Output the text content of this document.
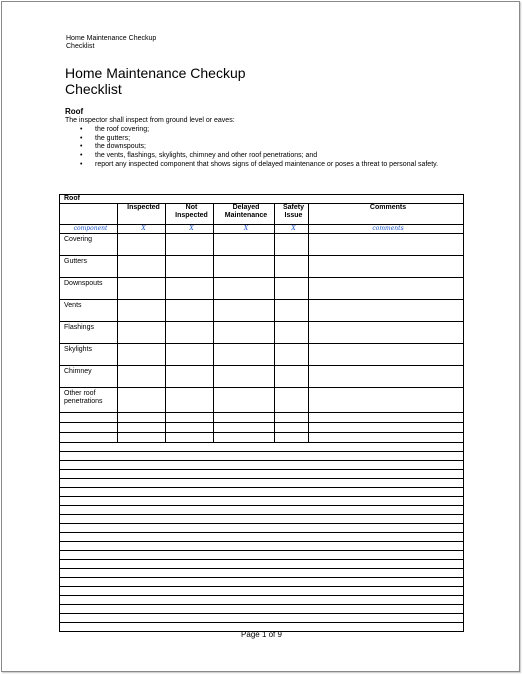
Home Maintenance Checkup
Checklist
Home Maintenance Checkup
Checklist
Roof
The inspector shall inspect from ground level or eaves:
• the roof covering;
• the gutters;
• the downspouts;
• the vents, flashings, skylights, chimney and other roof penetrations; and
• report any inspected component that shows signs of delayed maintenance or poses a threat to personal safety.
Roof					
	Inspected	Not Inspected	Delayed Maintenance	Safety Issue	Comments
component	X	X	X	X	comments
Covering					
Gutters					
Downspouts					
Vents					
Flashings					
Skylights					
Chimney					
Other roof penetrations					

Page 1 of 9
